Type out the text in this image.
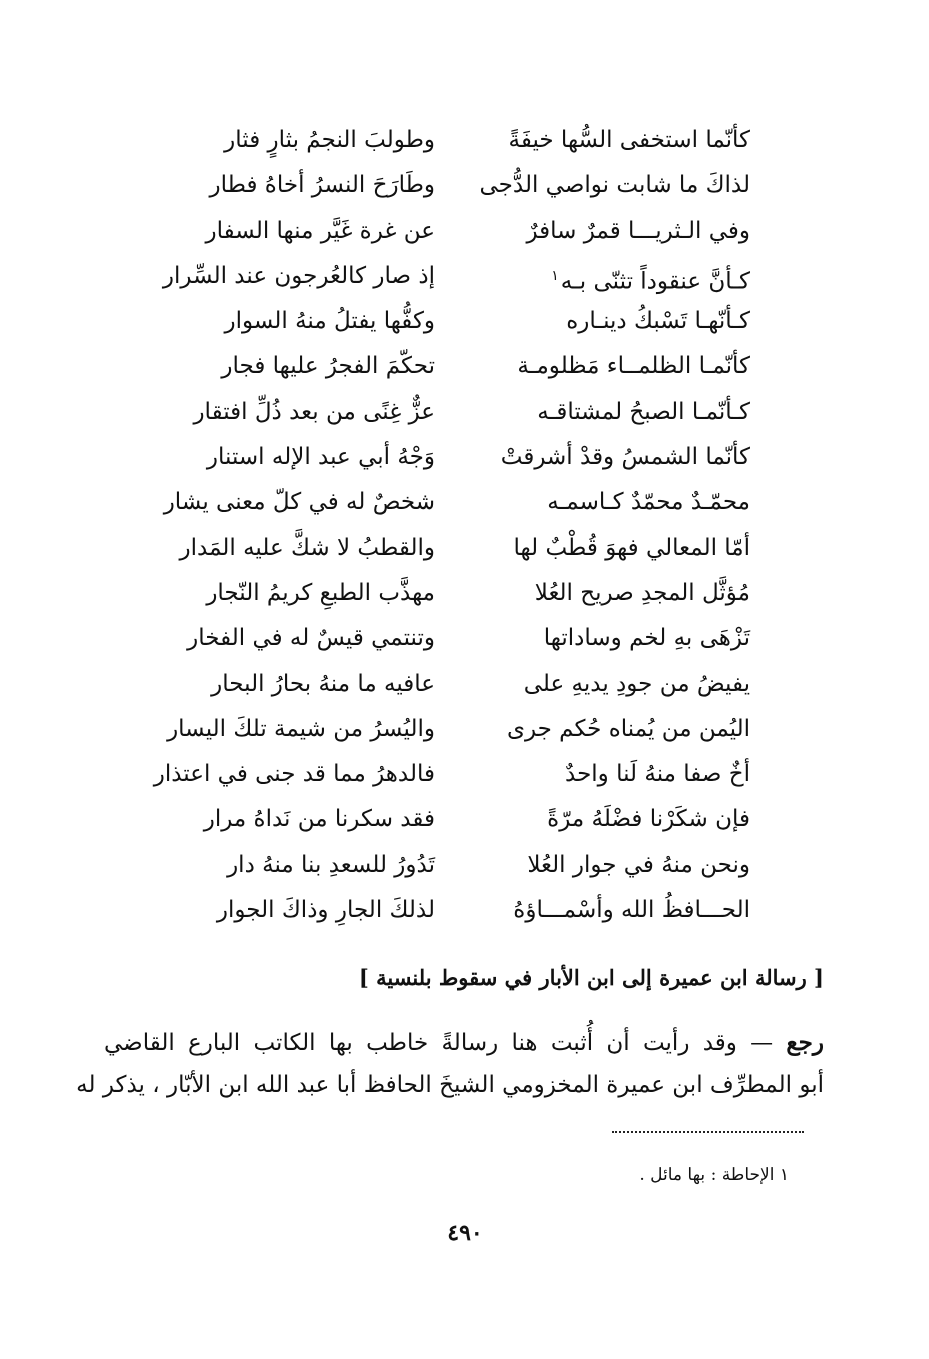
كأنّما استخفى السُّها خيفَةً
وطولبَ النجمُ بثارٍ فثار
لذاكَ ما شابت نواصي الدُّجى
وطَارَحَ النسرُ أخاهُ فطار
وفي الـثريـــا قمرٌ سافرٌ
عن غرة غَيَّر منها السفار
كـأنَّ عنقوداً تثنّى بـه$^١$
إذ صار كالعُرجون عند السِّرار
كـأنّهـا تَسْبكُ دينـاره
وكفُّها يفتلُ منهُ السوار
كأنّمـا الظلمــاء مَظلومـة
تحكّمَ الفجرُ عليها فجار
كـأنّمـا الصبحُ لمشتاقـه
عزٌّ غِنًى من بعد ذُلِّ افتقار
كأنّما الشمسُ وقدْ أشرقتْ
وَجْهُ أبي عبد الإله استنار
محمّـدٌ محمّدٌ كـاسمـه
شخصٌ له في كلّ معنى يشار
أمّا المعالي فهوَ قُطْبٌ لها
والقطبُ لا شكَّ عليه المَدار
مُؤثَّل المجدِ صريح العُلا
مهذَّب الطبعِ كريمُ النّجار
تَزْهَى بهِ لخم وساداتها
وتنتمي قيسٌ له في الفخار
يفيضُ من جودِ يديهِ على
عافيه ما منهُ بحارُ البحار
اليُمن من يُمناه حُكم جرى
واليُسرُ من شيمة تلكَ اليسار
أخٌ صفا منهُ لَنا واحدٌ
فالدهرُ مما قد جنى في اعتذار
فإن شكَرْنا فضْلَهُ مرّةً
فقد سكرنا من نَداهُ مرار
ونحن منهُ في جوار العُلا
تَدُورُ للسعدِ بنا منهُ دار
الحـــافظُ الله وأسْمـــاؤهُ
لذلكَ الجارِ وذاكَ الجوار
[ رسالة ابن عميرة إلى ابن الأبار في سقوط بلنسية ]
رجع — وقد رأيت أن أُثبت هنا رسالةً خاطب بها الكاتب البارع القاضي
أبو المطرِّف ابن عميرة المخزومي الشيخَ الحافظ أبا عبد الله ابن الأبّار ، يذكر له
١ الإحاطة : بها مائل .
٤٩٠
